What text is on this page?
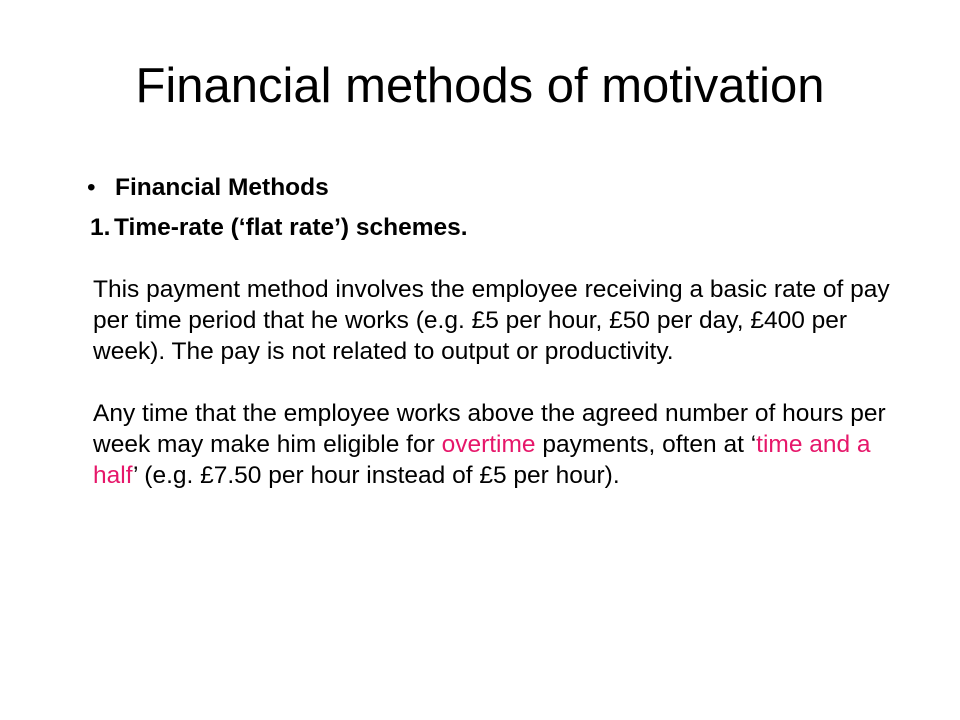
Financial methods of motivation
• Financial Methods
1. Time-rate (‘flat rate’) schemes.
This payment method involves the employee receiving a basic rate of pay per time period that he works (e.g. £5 per hour, £50 per day, £400 per week). The pay is not related to output or productivity.
Any time that the employee works above the agreed number of hours per week may make him eligible for overtime payments, often at ‘time and a half’ (e.g. £7.50 per hour instead of £5 per hour).
